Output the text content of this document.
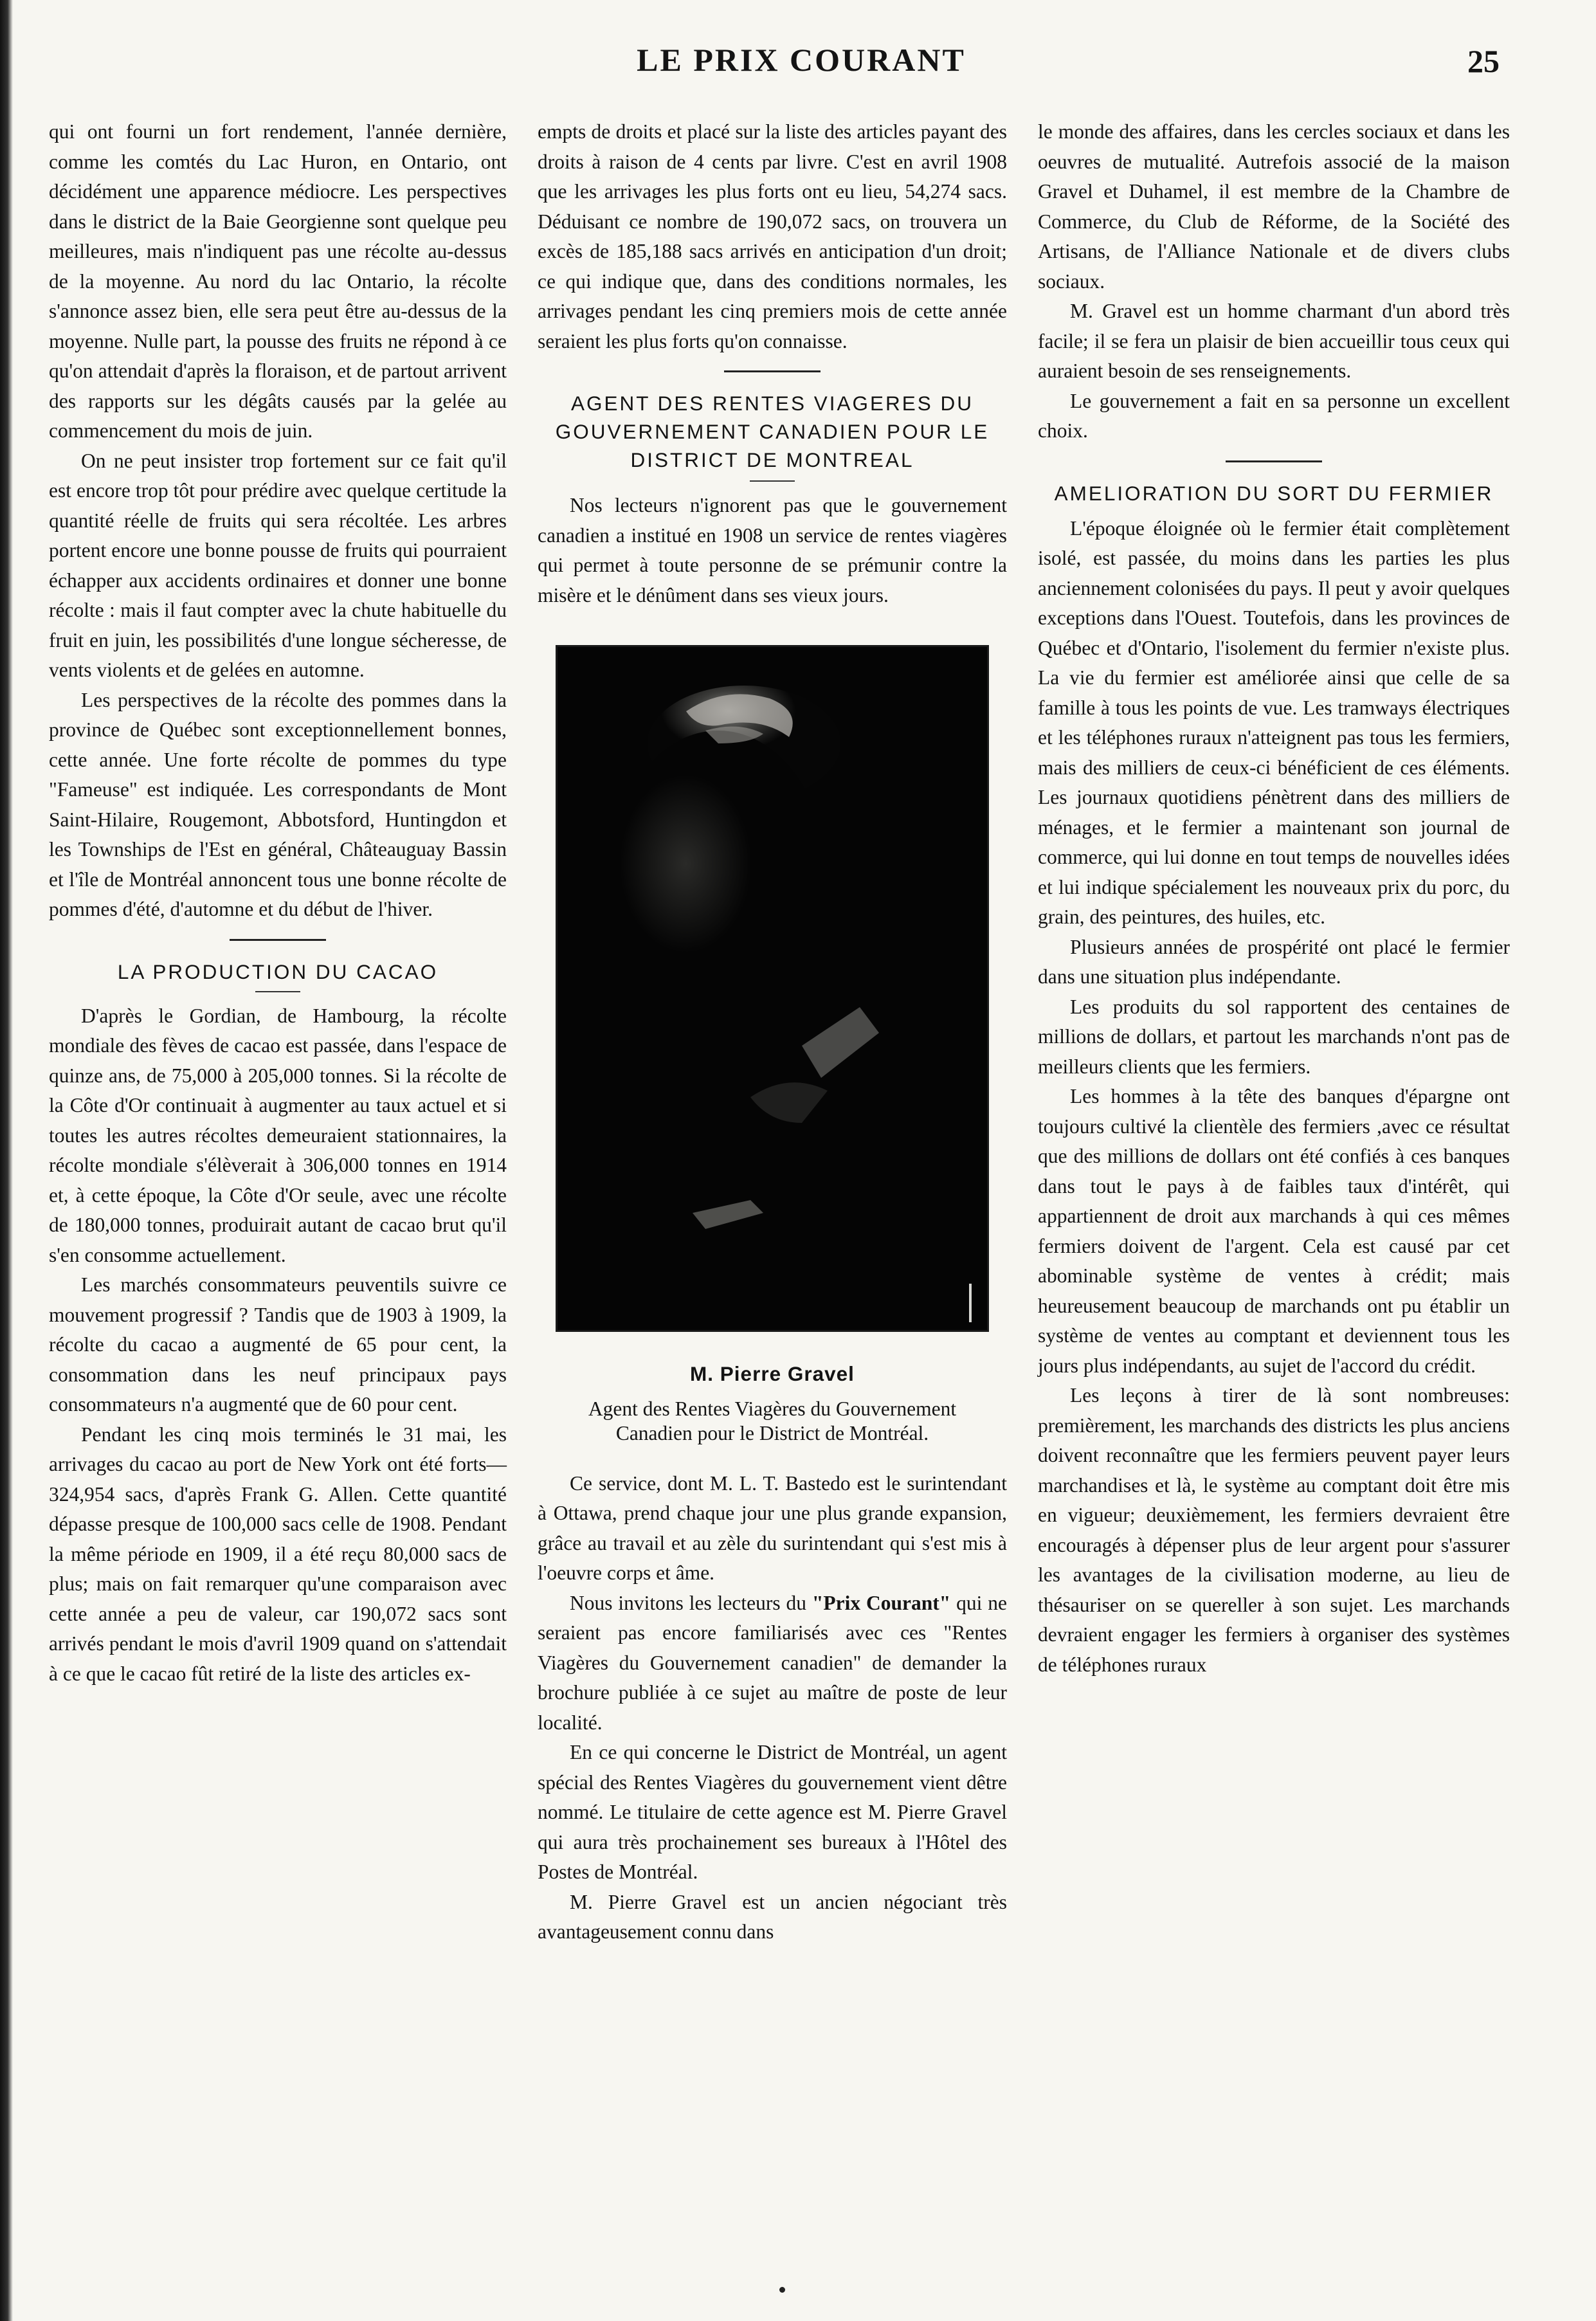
LE PRIX COURANT	25

qui ont fourni un fort rendement, l'année dernière, comme les comtés du Lac Huron, en Ontario, ont décidément une apparence médiocre. Les perspectives dans le district de la Baie Georgienne sont quelque peu meilleures, mais n'indiquent pas une récolte au-dessus de la moyenne. Au nord du lac Ontario, la récolte s'annonce assez bien, elle sera peut être au-dessus de la moyenne. Nulle part, la pousse des fruits ne répond à ce qu'on attendait d'après la floraison, et de partout arrivent des rapports sur les dégâts causés par la gelée au commencement du mois de juin.

On ne peut insister trop fortement sur ce fait qu'il est encore trop tôt pour prédire avec quelque certitude la quantité réelle de fruits qui sera récoltée. Les arbres portent encore une bonne pousse de fruits qui pourraient échapper aux accidents ordinaires et donner une bonne récolte : mais il faut compter avec la chute habituelle du fruit en juin, les possibilités d'une longue sécheresse, de vents violents et de gelées en automne.

Les perspectives de la récolte des pommes dans la province de Québec sont exceptionnellement bonnes, cette année. Une forte récolte de pommes du type "Fameuse" est indiquée. Les correspondants de Mont Saint-Hilaire, Rougemont, Abbotsford, Huntingdon et les Townships de l'Est en général, Châteauguay Bassin et l'île de Montréal annoncent tous une bonne récolte de pommes d'été, d'automne et du début de l'hiver.

LA PRODUCTION DU CACAO

D'après le Gordian, de Hambourg, la récolte mondiale des fèves de cacao est passée, dans l'espace de quinze ans, de 75,000 à 205,000 tonnes. Si la récolte de la Côte d'Or continuait à augmenter au taux actuel et si toutes les autres récoltes demeuraient stationnaires, la récolte mondiale s'élèverait à 306,000 tonnes en 1914 et, à cette époque, la Côte d'Or seule, avec une récolte de 180,000 tonnes, produirait autant de cacao brut qu'il s'en consomme actuellement.

Les marchés consommateurs peuventils suivre ce mouvement progressif ? Tandis que de 1903 à 1909, la récolte du cacao a augmenté de 65 pour cent, la consommation dans les neuf principaux pays consommateurs n'a augmenté que de 60 pour cent.

Pendant les cinq mois terminés le 31 mai, les arrivages du cacao au port de New York ont été forts—324,954 sacs, d'après Frank G. Allen. Cette quantité dépasse presque de 100,000 sacs celle de 1908. Pendant la même période en 1909, il a été reçu 80,000 sacs de plus; mais on fait remarquer qu'une comparaison avec cette année a peu de valeur, car 190,072 sacs sont arrivés pendant le mois d'avril 1909 quand on s'attendait à ce que le cacao fût retiré de la liste des articles ex-

empts de droits et placé sur la liste des articles payant des droits à raison de 4 cents par livre. C'est en avril 1908 que les arrivages les plus forts ont eu lieu, 54,274 sacs. Déduisant ce nombre de 190,072 sacs, on trouvera un excès de 185,188 sacs arrivés en anticipation d'un droit; ce qui indique que, dans des conditions normales, les arrivages pendant les cinq premiers mois de cette année seraient les plus forts qu'on connaisse.

AGENT DES RENTES VIAGERES DU GOUVERNEMENT CANADIEN POUR LE DISTRICT DE MONTREAL

Nos lecteurs n'ignorent pas que le gouvernement canadien a institué en 1908 un service de rentes viagères qui permet à toute personne de se prémunir contre la misère et le dénûment dans ses vieux jours.

M. Pierre Gravel
Agent des Rentes Viagères du Gouvernement Canadien pour le District de Montréal.

Ce service, dont M. L. T. Bastedo est le surintendant à Ottawa, prend chaque jour une plus grande expansion, grâce au travail et au zèle du surintendant qui s'est mis à l'oeuvre corps et âme.

Nous invitons les lecteurs du "Prix Courant" qui ne seraient pas encore familiarisés avec ces "Rentes Viagères du Gouvernement canadien" de demander la brochure publiée à ce sujet au maître de poste de leur localité.

En ce qui concerne le District de Montréal, un agent spécial des Rentes Viagères du gouvernement vient dêtre nommé. Le titulaire de cette agence est M. Pierre Gravel qui aura très prochainement ses bureaux à l'Hôtel des Postes de Montréal.

M. Pierre Gravel est un ancien négociant très avantageusement connu dans

le monde des affaires, dans les cercles sociaux et dans les oeuvres de mutualité. Autrefois associé de la maison Gravel et Duhamel, il est membre de la Chambre de Commerce, du Club de Réforme, de la Société des Artisans, de l'Alliance Nationale et de divers clubs sociaux.

M. Gravel est un homme charmant d'un abord très facile; il se fera un plaisir de bien accueillir tous ceux qui auraient besoin de ses renseignements.

Le gouvernement a fait en sa personne un excellent choix.

AMELIORATION DU SORT DU FERMIER

L'époque éloignée où le fermier était complètement isolé, est passée, du moins dans les parties les plus anciennement colonisées du pays. Il peut y avoir quelques exceptions dans l'Ouest. Toutefois, dans les provinces de Québec et d'Ontario, l'isolement du fermier n'existe plus. La vie du fermier est améliorée ainsi que celle de sa famille à tous les points de vue. Les tramways électriques et les téléphones ruraux n'atteignent pas tous les fermiers, mais des milliers de ceux-ci bénéficient de ces éléments. Les journaux quotidiens pénètrent dans des milliers de ménages, et le fermier a maintenant son journal de commerce, qui lui donne en tout temps de nouvelles idées et lui indique spécialement les nouveaux prix du porc, du grain, des peintures, des huiles, etc.

Plusieurs années de prospérité ont placé le fermier dans une situation plus indépendante.

Les produits du sol rapportent des centaines de millions de dollars, et partout les marchands n'ont pas de meilleurs clients que les fermiers.

Les hommes à la tête des banques d'épargne ont toujours cultivé la clientèle des fermiers ,avec ce résultat que des millions de dollars ont été confiés à ces banques dans tout le pays à de faibles taux d'intérêt, qui appartiennent de droit aux marchands à qui ces mêmes fermiers doivent de l'argent. Cela est causé par cet abominable système de ventes à crédit; mais heureusement beaucoup de marchands ont pu établir un système de ventes au comptant et deviennent tous les jours plus indépendants, au sujet de l'accord du crédit.

Les leçons à tirer de là sont nombreuses: premièrement, les marchands des districts les plus anciens doivent reconnaître que les fermiers peuvent payer leurs marchandises et là, le système au comptant doit être mis en vigueur; deuxièmement, les fermiers devraient être encouragés à dépenser plus de leur argent pour s'assurer les avantages de la civilisation moderne, au lieu de thésauriser on se quereller à son sujet. Les marchands devraient engager les fermiers à organiser des systèmes de téléphones ruraux
